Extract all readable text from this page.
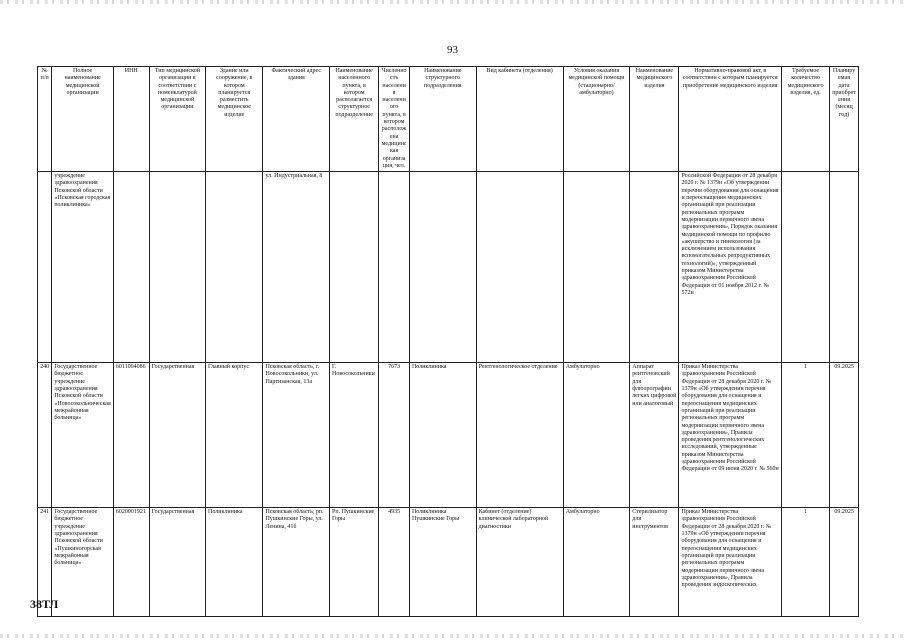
93
№ п/п	Полное наименование медицинской организации	ИНН	Тип медицинской организации в соответствии с номенклатурой медицинской организации	Здание или сооружение, в котором планируется разместить медицинское изделие	Фактический адрес здания	Наименование населенного пункта, в котором располагается структурное подразделение	Численность населения населенного пункта, в котором расположена медицинская организация, чел.	Наименование структурного подразделения	Вид кабинета (отделения)	Условия оказания медицинской помощи (стационарно/ амбулаторно)	Наименование медицинского изделия	Нормативно-правовой акт, в соответствии с которым планируется приобретение медицинского изделия	Требуемое количество медицинского изделия, ед.	Планируемая дата приобретения (месяц год)
	учреждение здравоохранения Псковской области «Псковская городская поликлиника»				ул. Индустриальная, 8							Российской Федерации от 28 декабря 2020 г. № 1379н «Об утверждении перечня оборудования для оснащения и переоснащения медицинских организаций при реализации региональных программ модернизации первичного звена здравоохранения», Порядок оказания медицинской помощи по профилю «акушерство и гинекология (за исключением использования вспомогательных репродуктивных технологий)», утвержденный приказом Министерства здравоохранения Российской Федерации от 01 ноября 2012 г. № 572н		
240	Государственное бюджетное учреждение здравоохранения Псковской области «Новосокольническая межрайонная больница»	6011004086	Государственная	Главный корпус	Псковская область, г. Новосокольники, ул. Партизанская, 13а	Г. Новосокольники	7673	Поликлиника	Рентгенологическое отделение	Амбулаторно	Аппарат рентгеновский для флюорографии легких цифровой или аналоговый	Приказ Министерства здравоохранения Российской Федерации от 28 декабря 2020 г. № 1379н «Об утверждении перечня оборудования для оснащения и переоснащения медицинских организаций при реализации региональных программ модернизации первичного звена здравоохранения», Правила проведения рентгенологических исследований, утвержденные приказом Министерства здравоохранения Российской Федерации от 09 июня 2020 г. № 560н	1	09.2025
241	Государственное бюджетное учреждение здравоохранения Псковской области «Пушкиногорская межрайонная больница»	6020001921	Государственная	Поликлиника	Псковская область, рп. Пушкинские Горы, ул. Ленина, 41б	Рп. Пушкинские Горы	4935	Поликлиника Пушкинские Горы	Кабинет (отделение) клинической лабораторной диагностики	Амбулаторно	Стерилизатор для инструментов	Приказ Министерства здравоохранения Российской Федерации от 28 декабря 2020 г. № 1379н «Об утверждении перечня оборудования для оснащения и переоснащения медицинских организаций при реализации региональных программ модернизации первичного звена здравоохранения», Правила проведения эндоскопических	1	09.2025
38ТЛ
